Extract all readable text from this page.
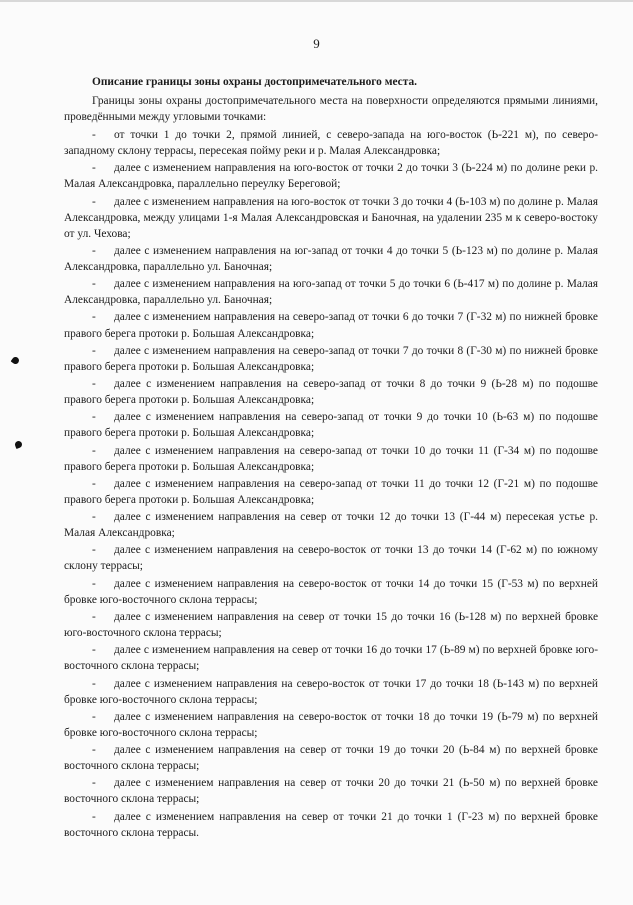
9

Описание границы зоны охраны достопримечательного места.

Границы зоны охраны достопримечательного места на поверхности определяются прямыми линиями, проведёнными между угловыми точками:

- от точки 1 до точки 2, прямой линией, с северо-запада на юго-восток (Ь-221 м), по северо-западному склону террасы, пересекая пойму реки и р. Малая Александровка;
- далее с изменением направления на юго-восток от точки 2 до точки 3 (Ь-224 м) по долине реки р. Малая Александровка, параллельно переулку Береговой;
- далее с изменением направления на юго-восток от точки 3 до точки 4 (Ь-103 м) по долине р. Малая Александровка, между улицами 1-я Малая Александровская и Баночная, на удалении 235 м к северо-востоку от ул. Чехова;
- далее с изменением направления на юг-запад от точки 4 до точки 5 (Ь-123 м) по долине р. Малая Александровка, параллельно ул. Баночная;
- далее с изменением направления на юго-запад от точки 5 до точки 6 (Ь-417 м) по долине р. Малая Александровка, параллельно ул. Баночная;
- далее с изменением направления на северо-запад от точки 6 до точки 7 (Г-32 м) по нижней бровке правого берега протоки р. Большая Александровка;
- далее с изменением направления на северо-запад от точки 7 до точки 8 (Г-30 м) по нижней бровке правого берега протоки р. Большая Александровка;
- далее с изменением направления на северо-запад от точки 8 до точки 9 (Ь-28 м) по подошве правого берега протоки р. Большая Александровка;
- далее с изменением направления на северо-запад от точки 9 до точки 10 (Ь-63 м) по подошве правого берега протоки р. Большая Александровка;
- далее с изменением направления на северо-запад от точки 10 до точки 11 (Г-34 м) по подошве правого берега протоки р. Большая Александровка;
- далее с изменением направления на северо-запад от точки 11 до точки 12 (Г-21 м) по подошве правого берега протоки р. Большая Александровка;
- далее с изменением направления на север от точки 12 до точки 13 (Г-44 м) пересекая устье р. Малая Александровка;
- далее с изменением направления на северо-восток от точки 13 до точки 14 (Г-62 м) по южному склону террасы;
- далее с изменением направления на северо-восток от точки 14 до точки 15 (Г-53 м) по верхней бровке юго-восточного склона террасы;
- далее с изменением направления на север от точки 15 до точки 16 (Ь-128 м) по верхней бровке юго-восточного склона террасы;
- далее с изменением направления на север от точки 16 до точки 17 (Ь-89 м) по верхней бровке юго-восточного склона террасы;
- далее с изменением направления на северо-восток от точки 17 до точки 18 (Ь-143 м) по верхней бровке юго-восточного склона террасы;
- далее с изменением направления на северо-восток от точки 18 до точки 19 (Ь-79 м) по верхней бровке юго-восточного склона террасы;
- далее с изменением направления на север от точки 19 до точки 20 (Ь-84 м) по верхней бровке восточного склона террасы;
- далее с изменением направления на север от точки 20 до точки 21 (Ь-50 м) по верхней бровке восточного склона террасы;
- далее с изменением направления на север от точки 21 до точки 1 (Г-23 м) по верхней бровке восточного склона террасы.
